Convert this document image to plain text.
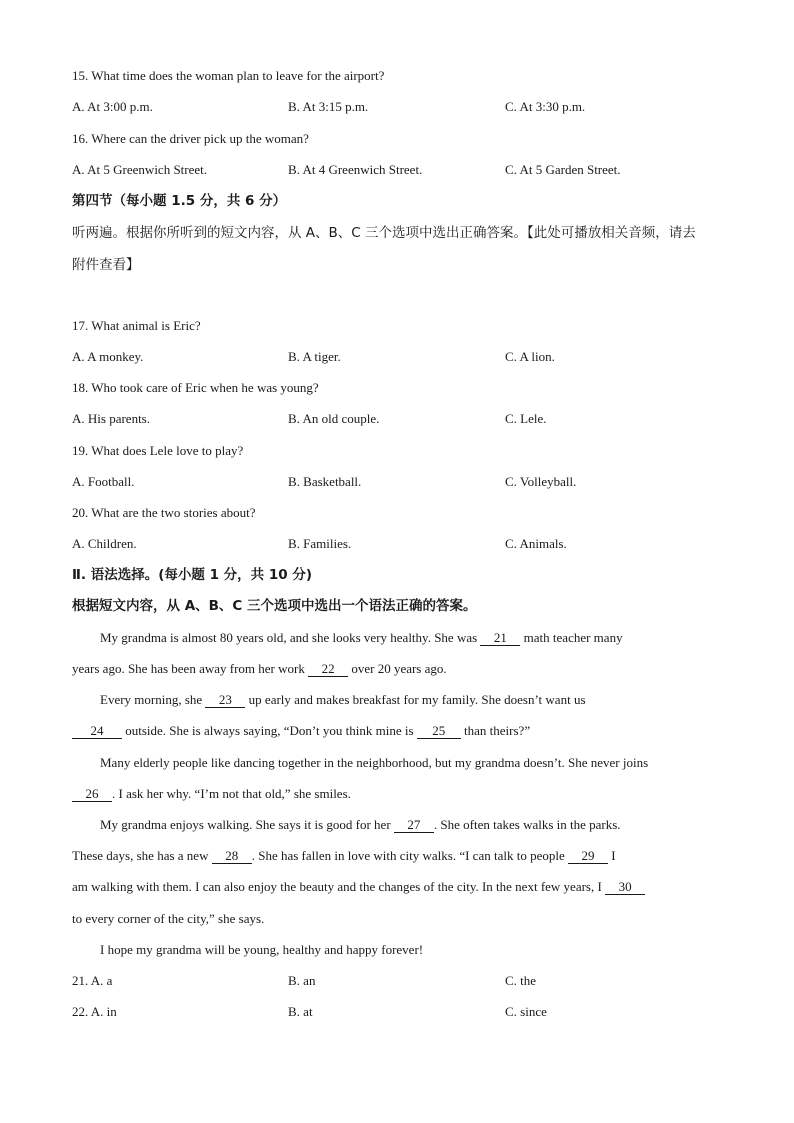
15. What time does the woman plan to leave for the airport?
A. At 3:00 p.m.	B. At 3:15 p.m.	C. At 3:30 p.m.
16. Where can the driver pick up the woman?
A. At 5 Greenwich Street.	B. At 4 Greenwich Street.	C. At 5 Garden Street.
第四节（每小题 1.5 分，共 6 分）
听两遍。根据你所听到的短文内容，从 A、B、C 三个选项中选出正确答案。【此处可播放相关音频，请去
附件查看】
17. What animal is Eric?
A. A monkey.	B. A tiger.	C. A lion.
18. Who took care of Eric when he was young?
A. His parents.	B. An old couple.	C. Lele.
19. What does Lele love to play?
A. Football.	B. Basketball.	C. Volleyball.
20. What are the two stories about?
A. Children.	B. Families.	C. Animals.
Ⅱ. 语法选择。(每小题 1 分，共 10 分)
根据短文内容，从 A、B、C 三个选项中选出一个语法正确的答案。
My grandma is almost 80 years old, and she looks very healthy. She was 21 math teacher many
years ago. She has been away from her work 22 over 20 years ago.
Every morning, she 23 up early and makes breakfast for my family. She doesn’t want us
24 outside. She is always saying, “Don’t you think mine is 25 than theirs?”
Many elderly people like dancing together in the neighborhood, but my grandma doesn’t. She never joins
26 . I ask her why. “I’m not that old,” she smiles.
My grandma enjoys walking. She says it is good for her 27 . She often takes walks in the parks.
These days, she has a new 28 . She has fallen in love with city walks. “I can talk to people 29 I
am walking with them. I can also enjoy the beauty and the changes of the city. In the next few years, I 30
to every corner of the city,” she says.
I hope my grandma will be young, healthy and happy forever!
21. A. a	B. an	C. the
22. A. in	B. at	C. since
